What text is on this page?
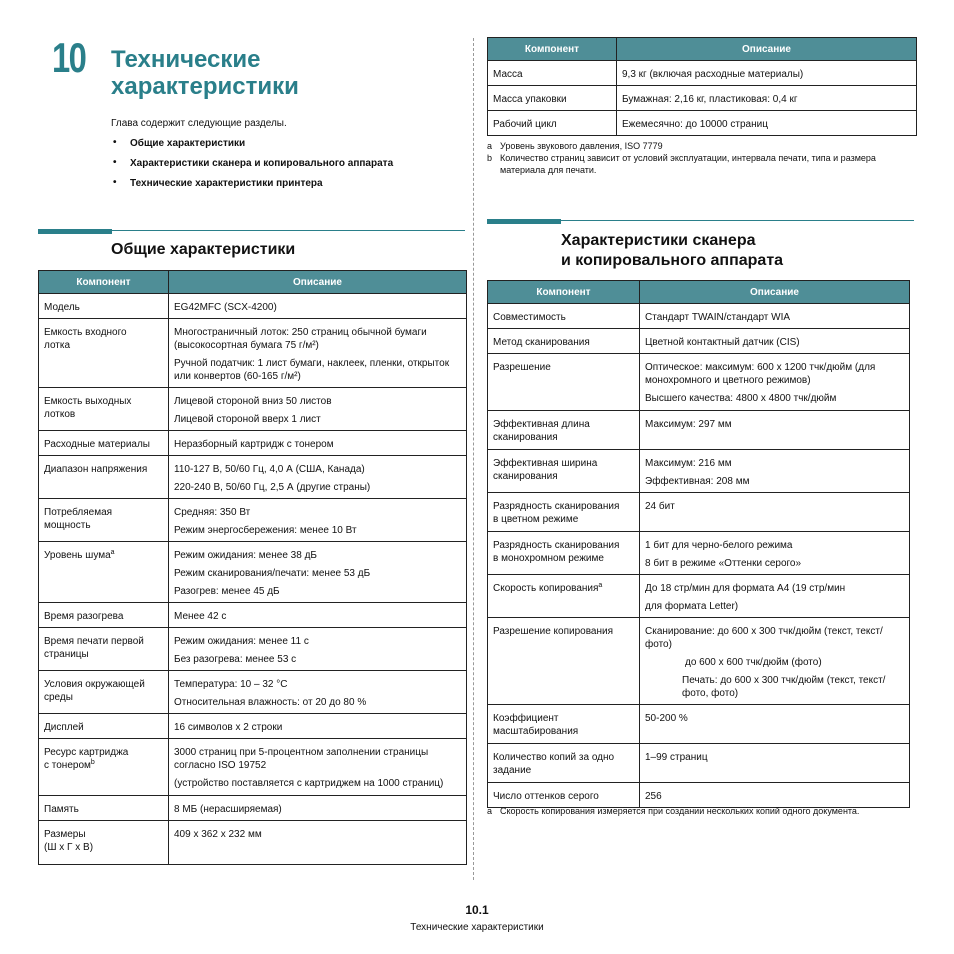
10 Технические
характеристики
Глава содержит следующие разделы.
• Общие характеристики
• Характеристики сканера и копировального аппарата
• Технические характеристики принтера
Общие характеристики
Компонент	Описание

Модель	EG42MFC (SCX-4200)

Емкость входного
лотка	Многостраничный лоток: 250 страниц обычной бумаги (высокосортная бумага 75 г/м²)
Ручной податчик: 1 лист бумаги, наклеек, пленки, открыток или конвертов (60-165 г/м²)

Емкость выходных
лотков	Лицевой стороной вниз 50 листов
Лицевой стороной вверх 1 лист

Расходные материалы	Неразборный картридж с тонером

Диапазон напряжения	110-127 В, 50/60 Гц, 4,0 А (США, Канада)
220-240 В, 50/60 Гц, 2,5 А (другие страны)

Потребляемая
мощность	Средняя: 350 Вт
Режим энергосбережения: менее 10 Вт

Уровень шума$^a$	Режим ожидания: менее 38 дБ
Режим сканирования/печати: менее 53 дБ
Разогрев: менее 45 дБ

Время разогрева	Менее 42 с

Время печати первой
страницы	Режим ожидания: менее 11 с
Без разогрева: менее 53 с

Условия окружающей
среды	Температура: 10 – 32 °C
Относительная влажность: от 20 до 80 %

Дисплей	16 символов x 2 строки

Ресурс картриджа
с тонером$^b$	3000 страниц при 5-процентном заполнении страницы согласно ISO 19752
(устройство поставляется с картриджем на 1000 страниц)

Память	8 МБ (нерасширяемая)

Размеры
(Ш x Г x В)	409 x 362 x 232 мм
Компонент	Описание

Масса	9,3 кг (включая расходные материалы)

Масса упаковки	Бумажная: 2,16 кг, пластиковая: 0,4 кг

Рабочий цикл	Ежемесячно: до 10000 страниц
a Уровень звукового давления, ISO 7779
b Количество страниц зависит от условий эксплуатации, интервала печати, типа и размера материала для печати.
Характеристики сканера
и копировального аппарата
Компонент	Описание

Совместимость	Стандарт TWAIN/стандарт WIA

Метод сканирования	Цветной контактный датчик (CIS)

Разрешение	Оптическое: максимум: 600 x 1200 тчк/дюйм (для монохромного и цветного режимов)
Высшего качества: 4800 x 4800 тчк/дюйм

Эффективная длина
сканирования	Максимум: 297 мм

Эффективная ширина
сканирования	Максимум: 216 мм
Эффективная: 208 мм

Разрядность сканирования
в цветном режиме	24 бит

Разрядность сканирования
в монохромном режиме	1 бит для черно-белого режима
8 бит в режиме «Оттенки серого»

Скорость копирования$^a$	До 18 стр/мин для формата A4 (19 стр/мин
для формата Letter)

Разрешение копирования	Сканирование: до 600 x 300 тчк/дюйм (текст, текст/фото)
до 600 x 600 тчк/дюйм (фото)
Печать: до 600 x 300 тчк/дюйм (текст, текст/фото, фото)

Коэффициент
масштабирования	50-200 %

Количество копий за одно
задание	1–99 страниц

Число оттенков серого	256
a Скорость копирования измеряется при создании нескольких копий одного документа.
10.1
Технические характеристики
